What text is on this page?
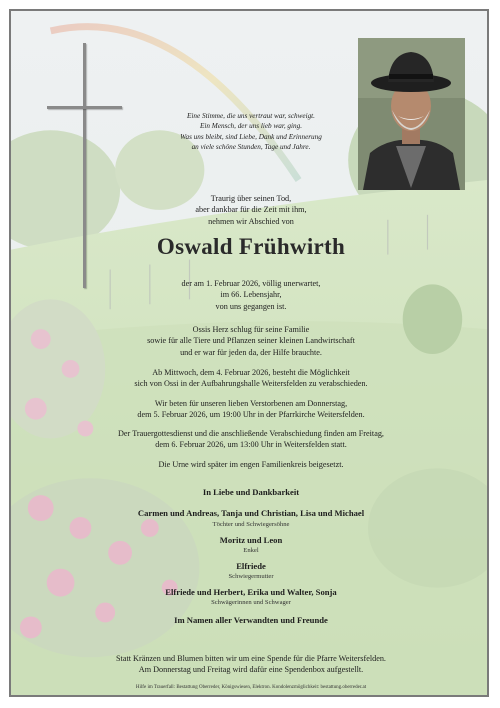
Eine Stimme, die uns vertraut war, schweigt.
Ein Mensch, der uns lieb war, ging.
Was uns bleibt, sind Liebe, Dank und Erinnerung
an viele schöne Stunden, Tage und Jahre.
Traurig über seinen Tod,
aber dankbar für die Zeit mit ihm,
nehmen wir Abschied von
Oswald Frühwirth
der am 1. Februar 2026, völlig unerwartet,
im 66. Lebensjahr,
von uns gegangen ist.
Ossis Herz schlug für seine Familie
sowie für alle Tiere und Pflanzen seiner kleinen Landwirtschaft
und er war für jeden da, der Hilfe brauchte.
Ab Mittwoch, dem 4. Februar 2026, besteht die Möglichkeit
sich von Ossi in der Aufbahrungshalle Weitersfelden zu verabschieden.
Wir beten für unseren lieben Verstorbenen am Donnerstag,
dem 5. Februar 2026, um 19:00 Uhr in der Pfarrkirche Weitersfelden.
Der Trauergottesdienst und die anschließende Verabschiedung finden am Freitag,
dem 6. Februar 2026, um 13:00 Uhr in Weitersfelden statt.
Die Urne wird später im engen Familienkreis beigesetzt.
In Liebe und Dankbarkeit
Carmen und Andreas, Tanja und Christian, Lisa und Michael
Töchter und Schwiegersöhne
Moritz und Leon
Enkel
Elfriede
Schwiegermutter
Elfriede und Herbert, Erika und Walter, Sonja
Schwägerinnen und Schwager
Im Namen aller Verwandten und Freunde
Statt Kränzen und Blumen bitten wir um eine Spende für die Pfarre Weitersfelden.
Am Donnerstag und Freitag wird dafür eine Spendenbox aufgestellt.
Hilfe im Trauerfall: Bestattung Oberreder, Königswiesen, Elektron. Kondolenzmöglichkeit: bestattung.oberreder.at
